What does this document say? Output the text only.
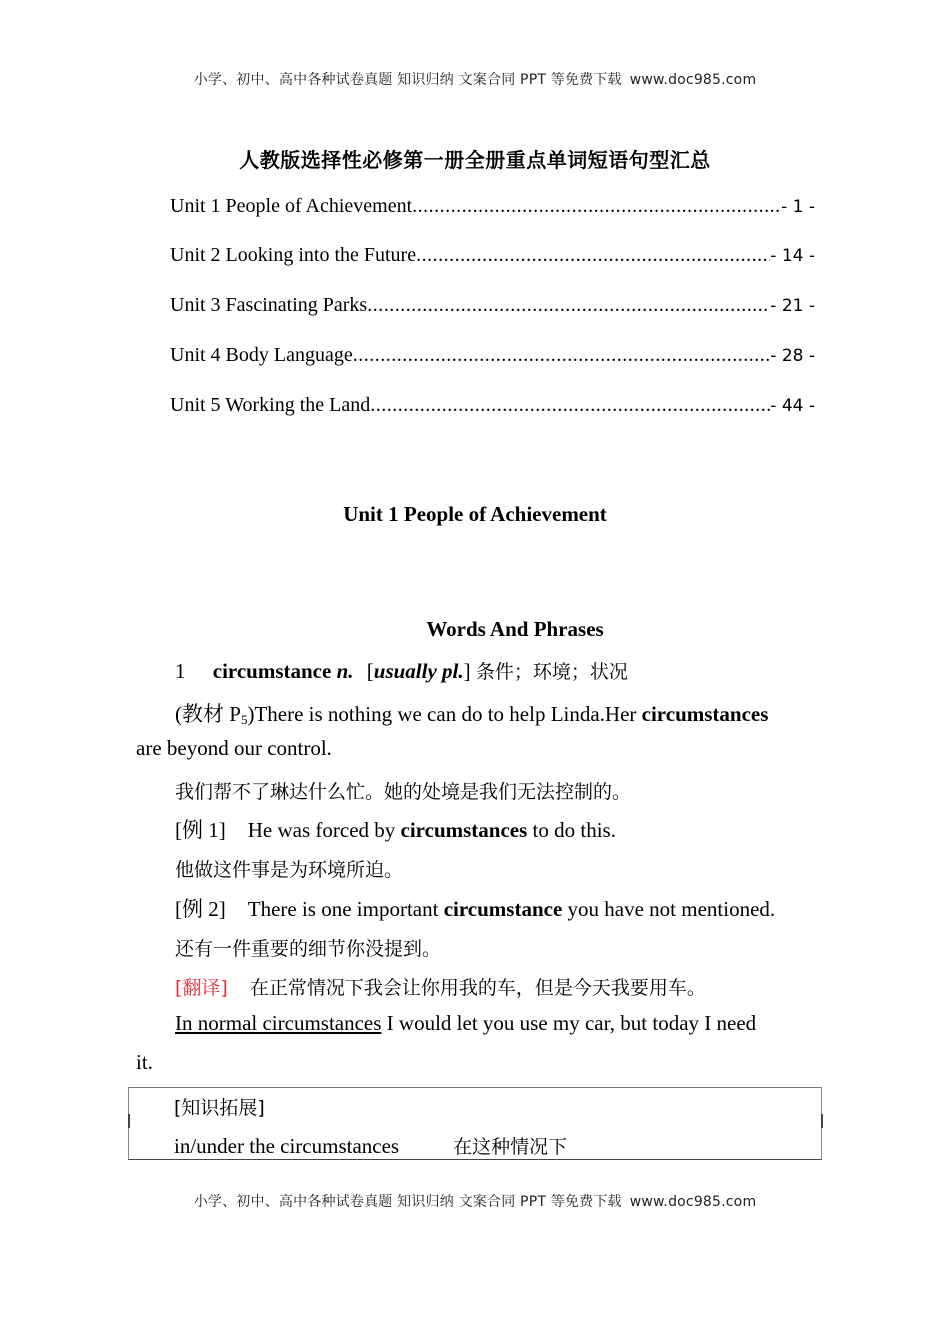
小学、初中、高中各种试卷真题 知识归纳 文案合同 PPT 等免费下载 www.doc985.com
人教版选择性必修第一册全册重点单词短语句型汇总
Unit 1 People of Achievement .....	- 1 -
Unit 2 Looking into the Future .....	- 14 -
Unit 3 Fascinating Parks .....	- 21 -
Unit 4 Body Language .....	- 28 -
Unit 5 Working the Land .....	- 44 -
Unit 1 People of Achievement
Words And Phrases
1 circumstance n. [usually pl.] 条件；环境；状况
(教材 $P_5)There$ is nothing we can do to help Linda.Her circumstances
are beyond our control.
我们帮不了琳达什么忙。她的处境是我们无法控制的。
[例 1] He was forced by circumstances to do this.
他做这件事是为环境所迫。
[例 2] There is one important circumstance you have not mentioned.
还有一件重要的细节你没提到。
[翻译] 在正常情况下我会让你用我的车，但是今天我要用车。
In normal circumstances I would let you use my car, but today I need
it.
[知识拓展]
in/under the circumstances	在这种情况下
小学、初中、高中各种试卷真题 知识归纳 文案合同 PPT 等免费下载 www.doc985.com
